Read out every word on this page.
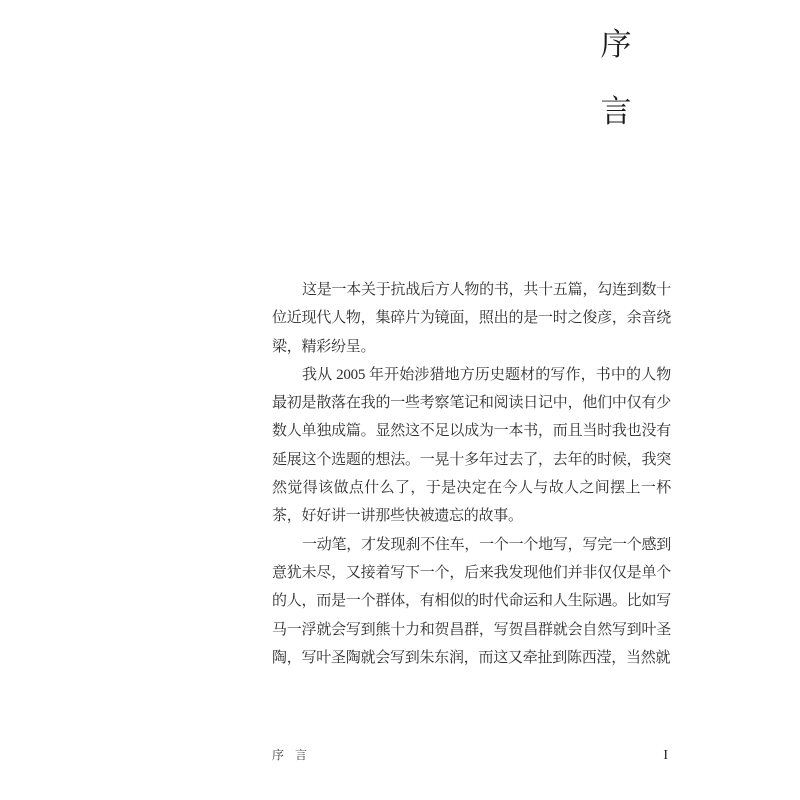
序
言

这是一本关于抗战后方人物的书，共十五篇，勾连到数十位近现代人物，集碎片为镜面，照出的是一时之俊彦，余音绕梁，精彩纷呈。

我从 2005 年开始涉猎地方历史题材的写作，书中的人物最初是散落在我的一些考察笔记和阅读日记中，他们中仅有少数人单独成篇。显然这不足以成为一本书，而且当时我也没有延展这个选题的想法。一晃十多年过去了，去年的时候，我突然觉得该做点什么了，于是决定在今人与故人之间摆上一杯茶，好好讲一讲那些快被遗忘的故事。

一动笔，才发现刹不住车，一个一个地写，写完一个感到意犹未尽，又接着写下一个，后来我发现他们并非仅仅是单个的人，而是一个群体，有相似的时代命运和人生际遇。比如写马一浮就会写到熊十力和贺昌群，写贺昌群就会自然写到叶圣陶，写叶圣陶就会写到朱东润，而这又牵扯到陈西滢，当然就

序 言	I
